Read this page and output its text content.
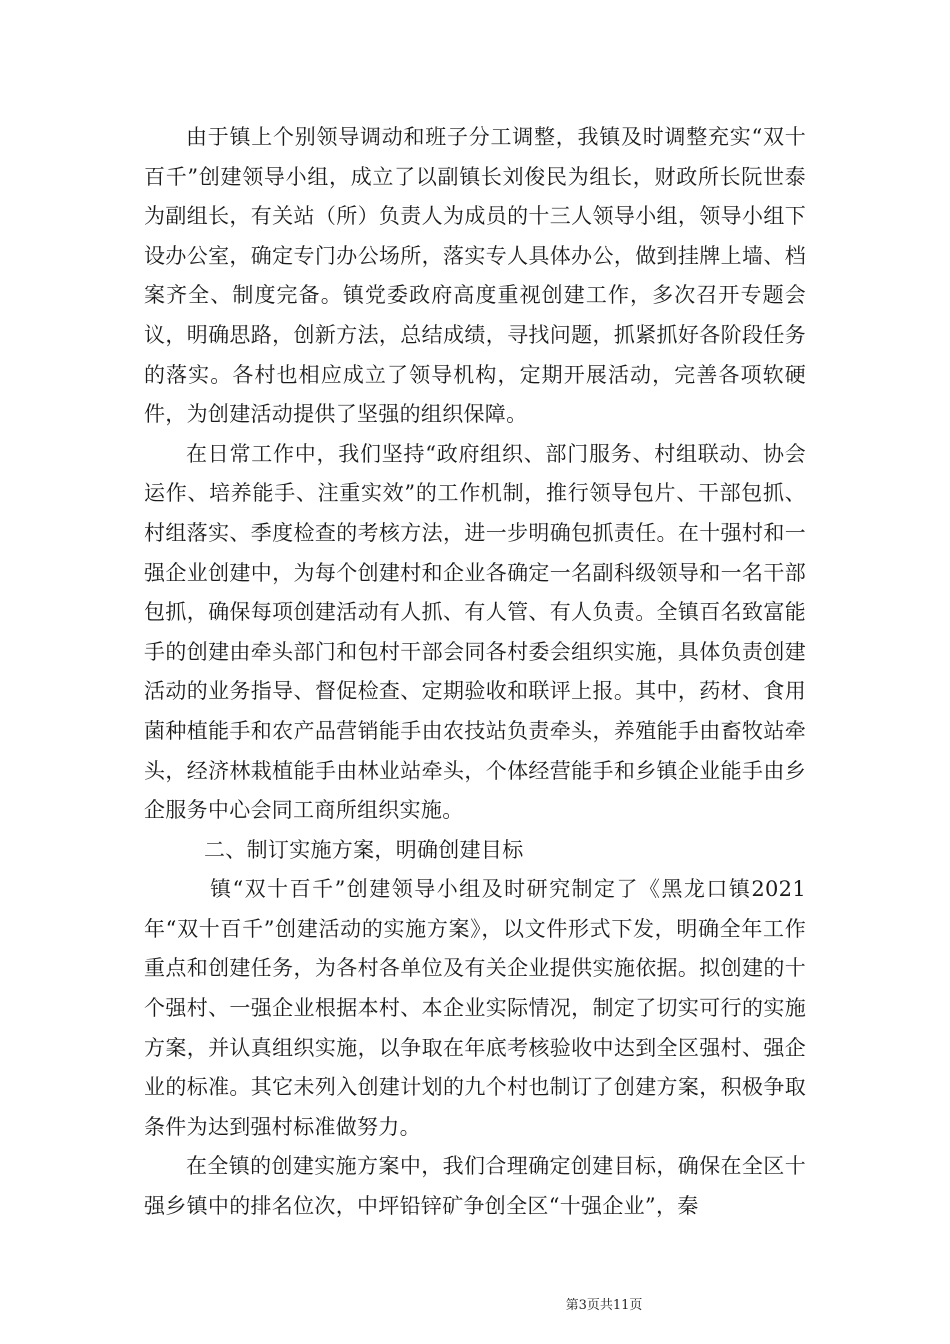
由于镇上个别领导调动和班子分工调整，我镇及时调整充实“双十百千”创建领导小组，成立了以副镇长刘俊民为组长，财政所长阮世泰为副组长，有关站（所）负责人为成员的十三人领导小组，领导小组下设办公室，确定专门办公场所，落实专人具体办公，做到挂牌上墙、档案齐全、制度完备。镇党委政府高度重视创建工作，多次召开专题会议，明确思路，创新方法，总结成绩，寻找问题，抓紧抓好各阶段任务的落实。各村也相应成立了领导机构，定期开展活动，完善各项软硬件，为创建活动提供了坚强的组织保障。

在日常工作中，我们坚持“政府组织、部门服务、村组联动、协会运作、培养能手、注重实效”的工作机制，推行领导包片、干部包抓、村组落实、季度检查的考核方法，进一步明确包抓责任。在十强村和一强企业创建中，为每个创建村和企业各确定一名副科级领导和一名干部包抓，确保每项创建活动有人抓、有人管、有人负责。全镇百名致富能手的创建由牵头部门和包村干部会同各村委会组织实施，具体负责创建活动的业务指导、督促检查、定期验收和联评上报。其中，药材、食用菌种植能手和农产品营销能手由农技站负责牵头，养殖能手由畜牧站牵头，经济林栽植能手由林业站牵头，个体经营能手和乡镇企业能手由乡企服务中心会同工商所组织实施。

二、制订实施方案，明确创建目标

镇“双十百千”创建领导小组及时研究制定了《黑龙口镇2021年“双十百千”创建活动的实施方案》，以文件形式下发，明确全年工作重点和创建任务，为各村各单位及有关企业提供实施依据。拟创建的十个强村、一强企业根据本村、本企业实际情况，制定了切实可行的实施方案，并认真组织实施，以争取在年底考核验收中达到全区强村、强企业的标准。其它未列入创建计划的九个村也制订了创建方案，积极争取条件为达到强村标准做努力。

在全镇的创建实施方案中，我们合理确定创建目标，确保在全区十强乡镇中的排名位次，中坪铅锌矿争创全区“十强企业”，秦

第3页共11页
